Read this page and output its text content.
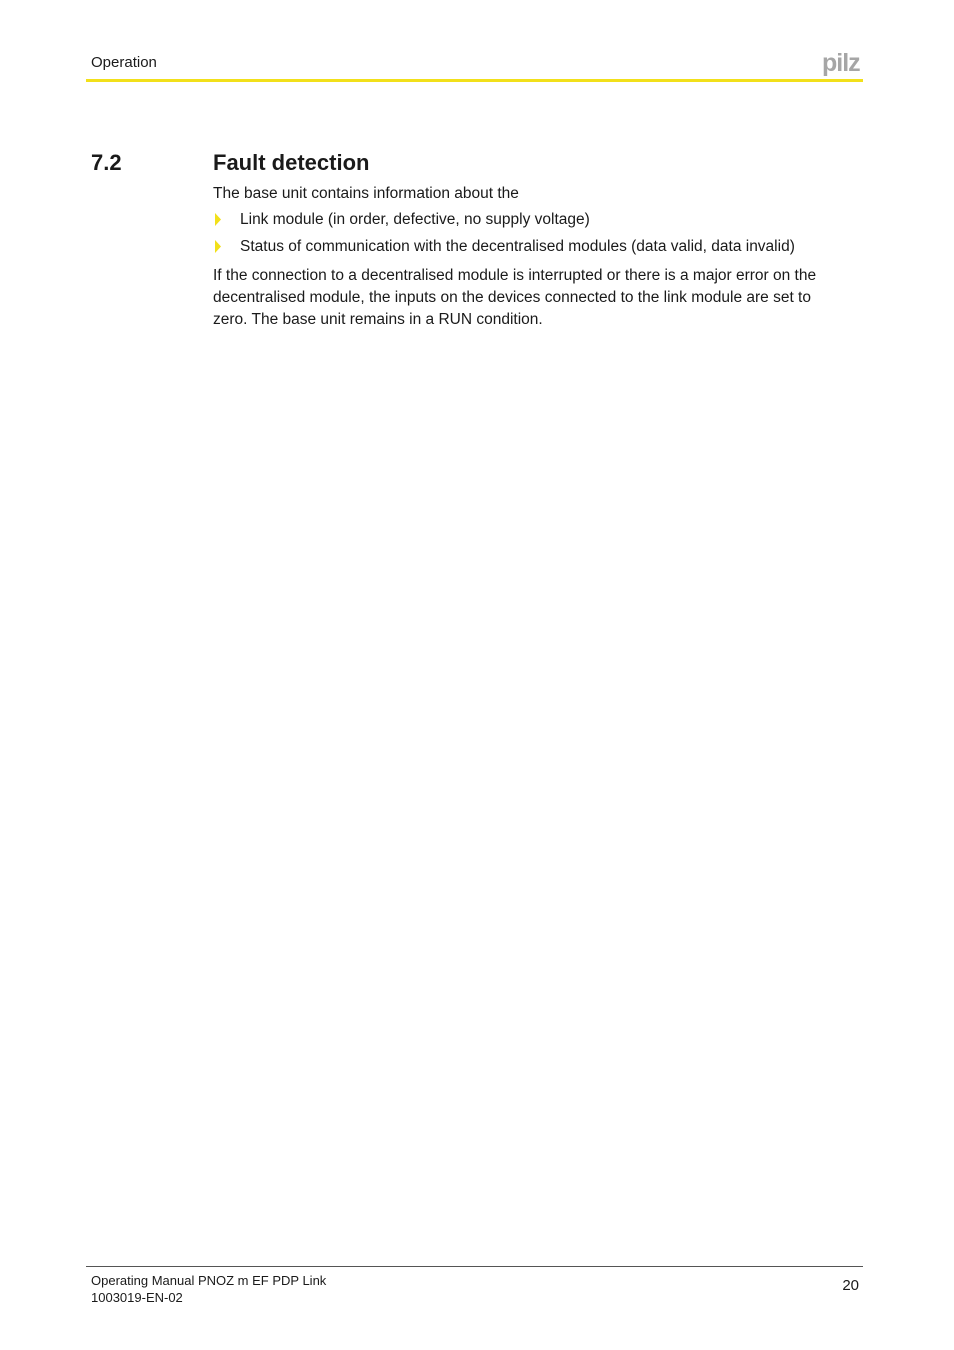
Operation	pilz
7.2	Fault detection
The base unit contains information about the
Link module (in order, defective, no supply voltage)
Status of communication with the decentralised modules (data valid, data invalid)

If the connection to a decentralised module is interrupted or there is a major error on the decentralised module, the inputs on the devices connected to the link module are set to zero. The base unit remains in a RUN condition.

Operating Manual PNOZ m EF PDP Link
1003019-EN-02
20
